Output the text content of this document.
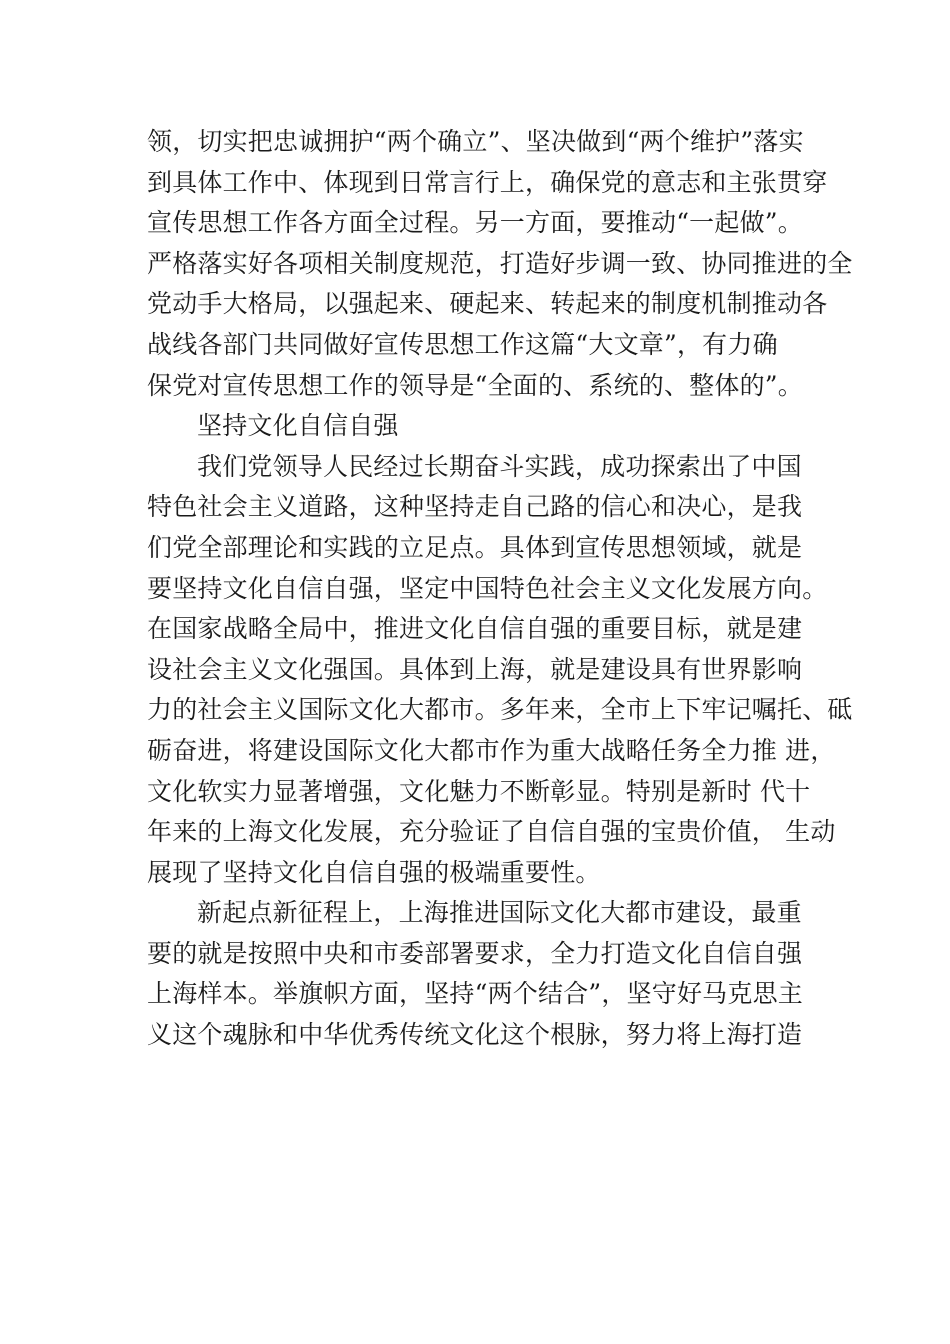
领，切实把忠诚拥护“两个确立”、坚决做到“两个维护”落实
到具体工作中、体现到日常言行上，确保党的意志和主张贯穿
宣传思想工作各方面全过程。另一方面，要推动“一起做”。
严格落实好各项相关制度规范，打造好步调一致、协同推进的全
党动手大格局，以强起来、硬起来、转起来的制度机制推动各
战线各部门共同做好宣传思想工作这篇“大文章”，有力确
保党对宣传思想工作的领导是“全面的、系统的、整体的”。
坚持文化自信自强
我们党领导人民经过长期奋斗实践，成功探索出了中国
特色社会主义道路，这种坚持走自己路的信心和决心，是我
们党全部理论和实践的立足点。具体到宣传思想领域，就是
要坚持文化自信自强，坚定中国特色社会主义文化发展方向。
在国家战略全局中，推进文化自信自强的重要目标，就是建
设社会主义文化强国。具体到上海，就是建设具有世界影响
力的社会主义国际文化大都市。多年来，全市上下牢记嘱托、砥
砺奋进，将建设国际文化大都市作为重大战略任务全力推 进，
文化软实力显著增强，文化魅力不断彰显。特别是新时 代十
年来的上海文化发展，充分验证了自信自强的宝贵价值， 生动
展现了坚持文化自信自强的极端重要性。
新起点新征程上，上海推进国际文化大都市建设，最重
要的就是按照中央和市委部署要求，全力打造文化自信自强
上海样本。举旗帜方面，坚持“两个结合”，坚守好马克思主
义这个魂脉和中华优秀传统文化这个根脉，努力将上海打造
